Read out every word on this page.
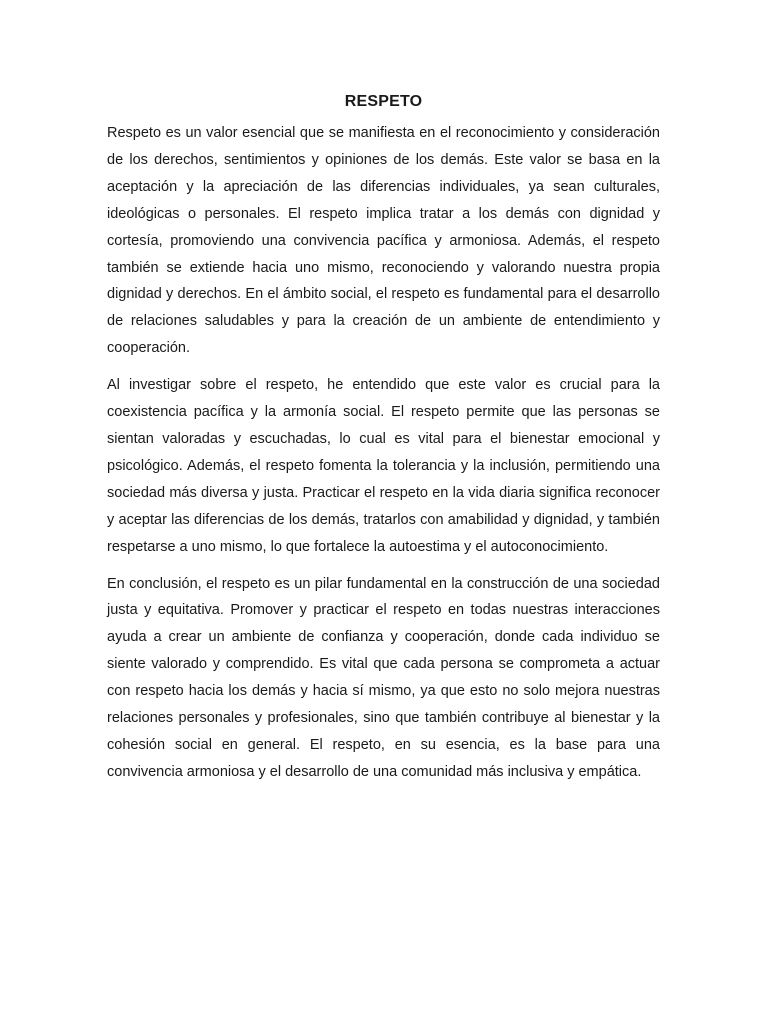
RESPETO

Respeto es un valor esencial que se manifiesta en el reconocimiento y consideración de los derechos, sentimientos y opiniones de los demás. Este valor se basa en la aceptación y la apreciación de las diferencias individuales, ya sean culturales, ideológicas o personales. El respeto implica tratar a los demás con dignidad y cortesía, promoviendo una convivencia pacífica y armoniosa. Además, el respeto también se extiende hacia uno mismo, reconociendo y valorando nuestra propia dignidad y derechos. En el ámbito social, el respeto es fundamental para el desarrollo de relaciones saludables y para la creación de un ambiente de entendimiento y cooperación.

Al investigar sobre el respeto, he entendido que este valor es crucial para la coexistencia pacífica y la armonía social. El respeto permite que las personas se sientan valoradas y escuchadas, lo cual es vital para el bienestar emocional y psicológico. Además, el respeto fomenta la tolerancia y la inclusión, permitiendo una sociedad más diversa y justa. Practicar el respeto en la vida diaria significa reconocer y aceptar las diferencias de los demás, tratarlos con amabilidad y dignidad, y también respetarse a uno mismo, lo que fortalece la autoestima y el autoconocimiento.

En conclusión, el respeto es un pilar fundamental en la construcción de una sociedad justa y equitativa. Promover y practicar el respeto en todas nuestras interacciones ayuda a crear un ambiente de confianza y cooperación, donde cada individuo se siente valorado y comprendido. Es vital que cada persona se comprometa a actuar con respeto hacia los demás y hacia sí mismo, ya que esto no solo mejora nuestras relaciones personales y profesionales, sino que también contribuye al bienestar y la cohesión social en general. El respeto, en su esencia, es la base para una convivencia armoniosa y el desarrollo de una comunidad más inclusiva y empática.
